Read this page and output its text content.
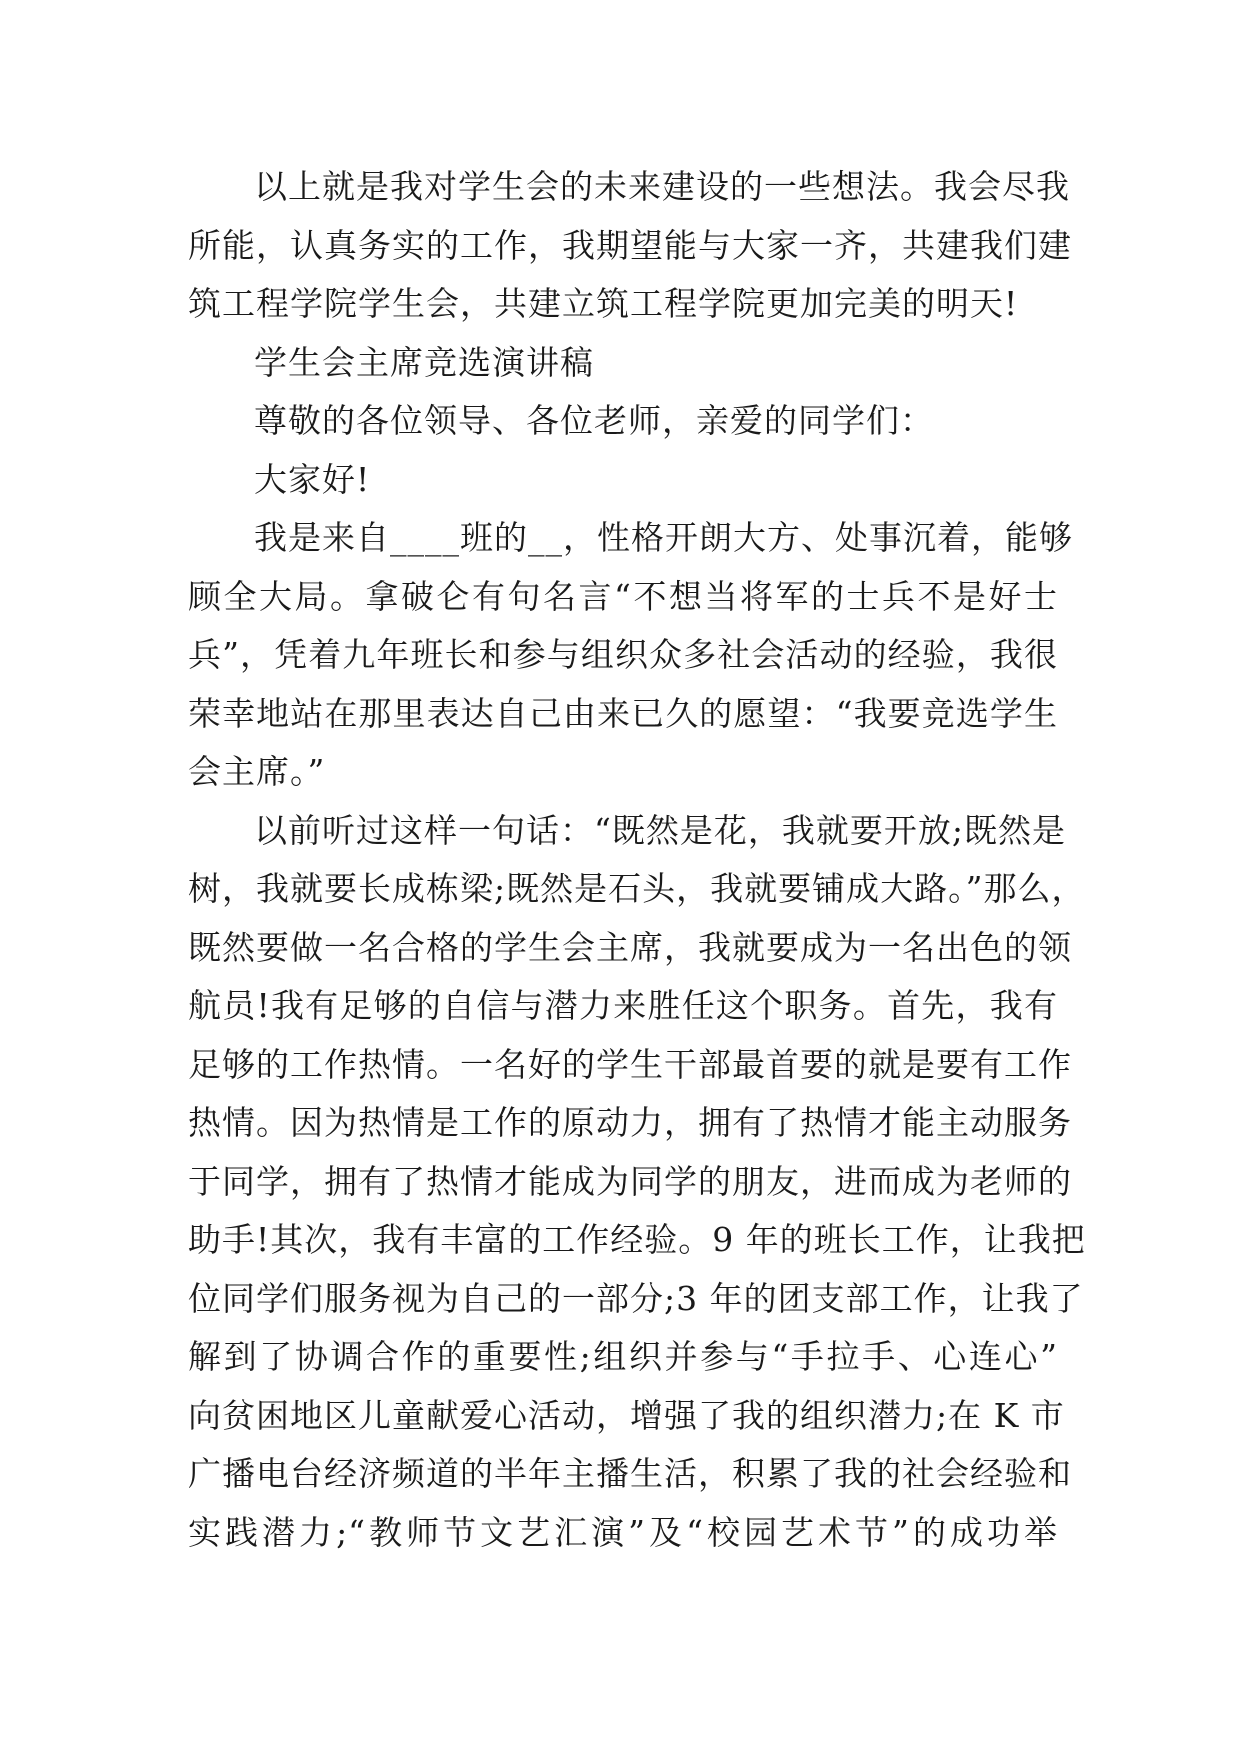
以上就是我对学生会的未来建设的一些想法。我会尽我
所能，认真务实的工作，我期望能与大家一齐，共建我们建
筑工程学院学生会，共建立筑工程学院更加完美的明天!
学生会主席竞选演讲稿
尊敬的各位领导、各位老师，亲爱的同学们：
大家好!
我是来自____班的__，性格开朗大方、处事沉着，能够
顾全大局。拿破仑有句名言“不想当将军的士兵不是好士
兵”，凭着九年班长和参与组织众多社会活动的经验，我很
荣幸地站在那里表达自己由来已久的愿望：“我要竞选学生
会主席。”
以前听过这样一句话：“既然是花，我就要开放;既然是
树，我就要长成栋梁;既然是石头，我就要铺成大路。”那么，
既然要做一名合格的学生会主席，我就要成为一名出色的领
航员!我有足够的自信与潜力来胜任这个职务。首先，我有
足够的工作热情。一名好的学生干部最首要的就是要有工作
热情。因为热情是工作的原动力，拥有了热情才能主动服务
于同学，拥有了热情才能成为同学的朋友，进而成为老师的
助手!其次，我有丰富的工作经验。9 年的班长工作，让我把
位同学们服务视为自己的一部分;3 年的团支部工作，让我了
解到了协调合作的重要性;组织并参与“手拉手、心连心”
向贫困地区儿童献爱心活动，增强了我的组织潜力;在 K 市
广播电台经济频道的半年主播生活，积累了我的社会经验和
实践潜力;“教师节文艺汇演”及“校园艺术节”的成功举
